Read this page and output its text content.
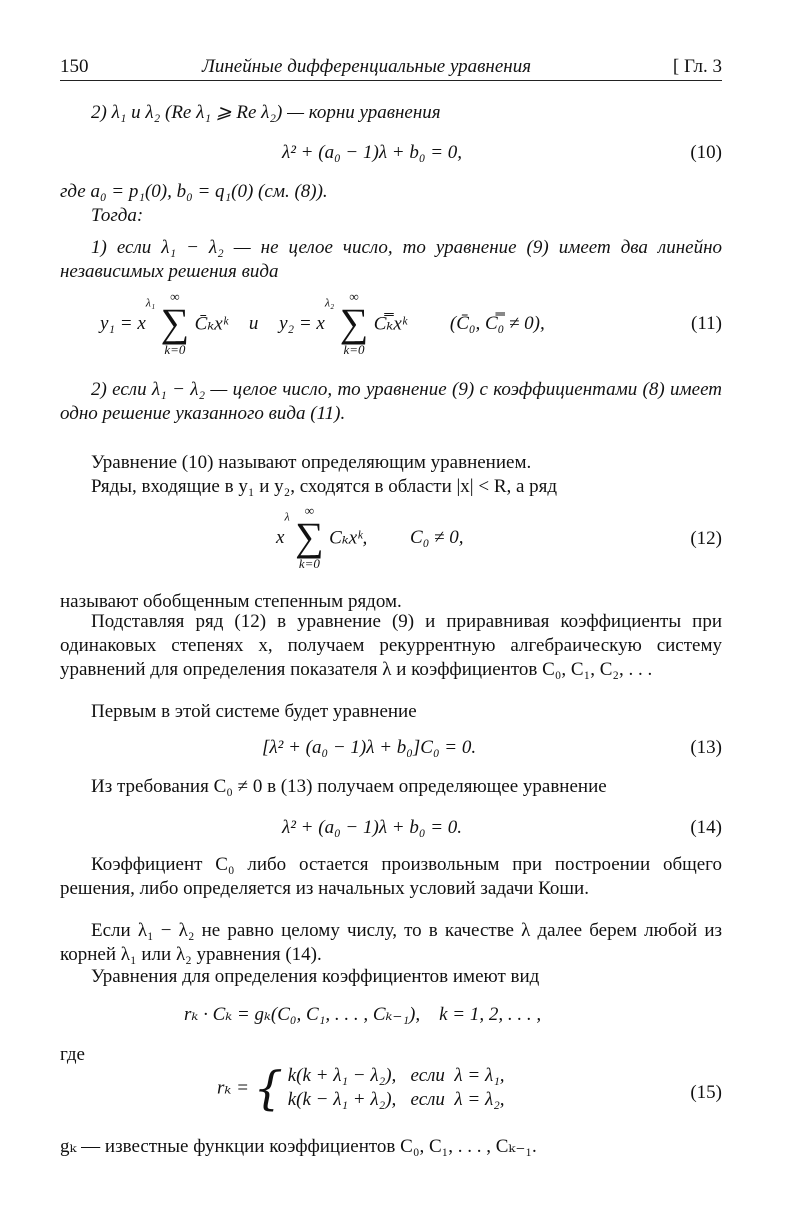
150	Линейные дифференциальные уравнения	[ Гл. 3
2) λ₁ и λ₂ (Re λ₁ ⩾ Re λ₂) — корни уравнения
λ² + (a₀ − 1)λ + b₀ = 0,	(10)
где a₀ = p₁(0), b₀ = q₁(0) (см. (8)).
Тогда:
1) если λ₁ − λ₂ — не целое число, то уравнение (9) имеет два линейно независимых решения вида
$y_1 = x^{\lambda_1}$	∞
∑
k=0
C̄ₖxᵏ и $y_2 = x^{\lambda_2}$	∞
∑
k=0
C̿ₖxᵏ (C̄₀, C̿₀ ≠ 0),	(11)
2) если λ₁ − λ₂ — целое число, то уравнение (9) с коэффициентами (8) имеет одно решение указанного вида (11).
Уравнение (10) называют определяющим уравнением.
Ряды, входящие в y₁ и y₂, сходятся в области |x| < R, а ряд
$x^\lambda$	∞
∑
k=0
Cₖxᵏ, C₀ ≠ 0,	(12)
называют обобщенным степенным рядом.
Подставляя ряд (12) в уравнение (9) и приравнивая коэффициенты при одинаковых степенях x, получаем рекуррентную алгебраическую систему уравнений для определения показателя λ и коэффициентов C₀, C₁, C₂, . . .
Первым в этой системе будет уравнение
[λ² + (a₀ − 1)λ + b₀]C₀ = 0.	(13)
Из требования C₀ ≠ 0 в (13) получаем определяющее уравнение
λ² + (a₀ − 1)λ + b₀ = 0.	(14)
Коэффициент C₀ либо остается произвольным при построении общего решения, либо определяется из начальных условий задачи Коши.
Если λ₁ − λ₂ не равно целому числу, то в качестве λ далее берем любой из корней λ₁ или λ₂ уравнения (14).
Уравнения для определения коэффициентов имеют вид
rₖ · Cₖ = gₖ(C₀, C₁, . . . , Cₖ₋₁),    k = 1, 2, . . . ,
где
rₖ = { k(k + λ₁ − λ₂),   если  λ = λ₁,
k(k − λ₁ + λ₂),   если  λ = λ₂,	(15)
gₖ — известные функции коэффициентов C₀, C₁, . . . , Cₖ₋₁.
